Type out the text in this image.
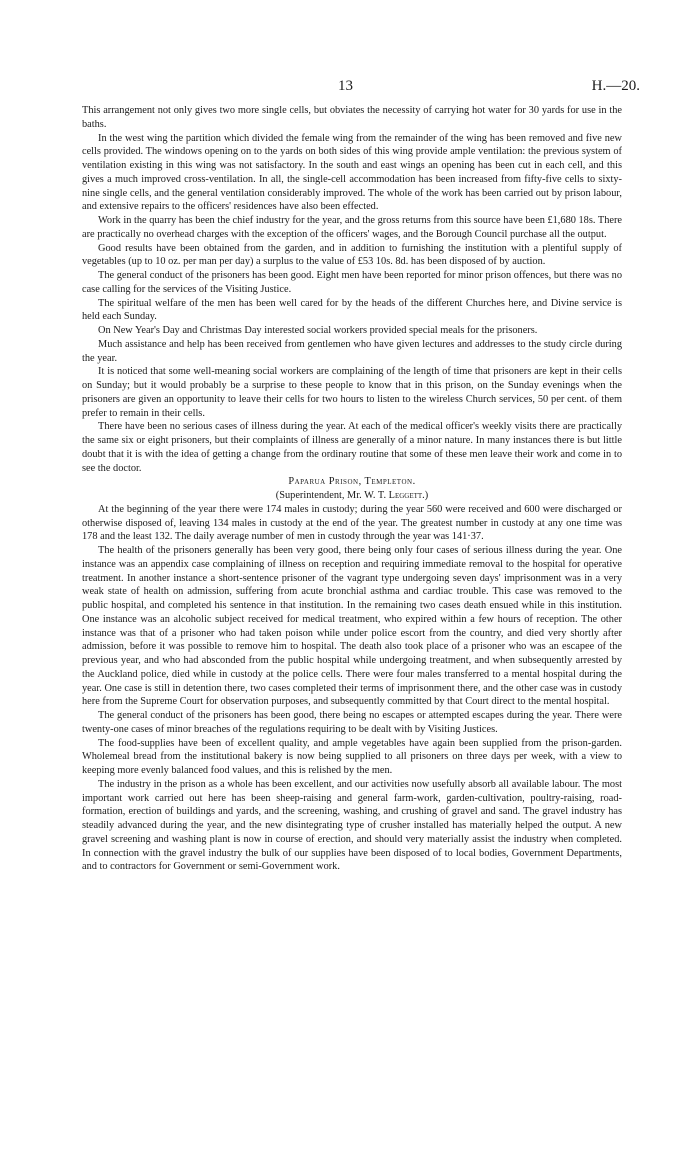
13	H.—20.

This arrangement not only gives two more single cells, but obviates the necessity of carrying hot water for 30 yards for use in the baths.

In the west wing the partition which divided the female wing from the remainder of the wing has been removed and five new cells provided. The windows opening on to the yards on both sides of this wing provide ample ventilation: the previous system of ventilation existing in this wing was not satisfactory. In the south and east wings an opening has been cut in each cell, and this gives a much improved cross-ventilation. In all, the single-cell accommodation has been increased from fifty-five cells to sixty-nine single cells, and the general ventilation considerably improved. The whole of the work has been carried out by prison labour, and extensive repairs to the officers' residences have also been effected.

Work in the quarry has been the chief industry for the year, and the gross returns from this source have been £1,680 18s. There are practically no overhead charges with the exception of the officers' wages, and the Borough Council purchase all the output.

Good results have been obtained from the garden, and in addition to furnishing the institution with a plentiful supply of vegetables (up to 10 oz. per man per day) a surplus to the value of £53 10s. 8d. has been disposed of by auction.

The general conduct of the prisoners has been good. Eight men have been reported for minor prison offences, but there was no case calling for the services of the Visiting Justice.

The spiritual welfare of the men has been well cared for by the heads of the different Churches here, and Divine service is held each Sunday.

On New Year's Day and Christmas Day interested social workers provided special meals for the prisoners.

Much assistance and help has been received from gentlemen who have given lectures and addresses to the study circle during the year.

It is noticed that some well-meaning social workers are complaining of the length of time that prisoners are kept in their cells on Sunday; but it would probably be a surprise to these people to know that in this prison, on the Sunday evenings when the prisoners are given an opportunity to leave their cells for two hours to listen to the wireless Church services, 50 per cent. of them prefer to remain in their cells.

There have been no serious cases of illness during the year. At each of the medical officer's weekly visits there are practically the same six or eight prisoners, but their complaints of illness are generally of a minor nature. In many instances there is but little doubt that it is with the idea of getting a change from the ordinary routine that some of these men leave their work and come in to see the doctor.

Paparua Prison, Templeton.

(Superintendent, Mr. W. T. Leggett.)

At the beginning of the year there were 174 males in custody; during the year 560 were received and 600 were discharged or otherwise disposed of, leaving 134 males in custody at the end of the year. The greatest number in custody at any one time was 178 and the least 132. The daily average number of men in custody through the year was 141·37.

The health of the prisoners generally has been very good, there being only four cases of serious illness during the year. One instance was an appendix case complaining of illness on reception and requiring immediate removal to the hospital for operative treatment. In another instance a short-sentence prisoner of the vagrant type undergoing seven days' imprisonment was in a very weak state of health on admission, suffering from acute bronchial asthma and cardiac trouble. This case was removed to the public hospital, and completed his sentence in that institution. In the remaining two cases death ensued while in this institution. One instance was an alcoholic subject received for medical treatment, who expired within a few hours of reception. The other instance was that of a prisoner who had taken poison while under police escort from the country, and died very shortly after admission, before it was possible to remove him to hospital. The death also took place of a prisoner who was an escapee of the previous year, and who had absconded from the public hospital while undergoing treatment, and when subsequently arrested by the Auckland police, died while in custody at the police cells. There were four males transferred to a mental hospital during the year. One case is still in detention there, two cases completed their terms of imprisonment there, and the other case was in custody here from the Supreme Court for observation purposes, and subsequently committed by that Court direct to the mental hospital.

The general conduct of the prisoners has been good, there being no escapes or attempted escapes during the year. There were twenty-one cases of minor breaches of the regulations requiring to be dealt with by Visiting Justices.

The food-supplies have been of excellent quality, and ample vegetables have again been supplied from the prison-garden. Wholemeal bread from the institutional bakery is now being supplied to all prisoners on three days per week, with a view to keeping more evenly balanced food values, and this is relished by the men.

The industry in the prison as a whole has been excellent, and our activities now usefully absorb all available labour. The most important work carried out here has been sheep-raising and general farm-work, garden-cultivation, poultry-raising, road-formation, erection of buildings and yards, and the screening, washing, and crushing of gravel and sand. The gravel industry has steadily advanced during the year, and the new disintegrating type of crusher installed has materially helped the output. A new gravel screening and washing plant is now in course of erection, and should very materially assist the industry when completed. In connection with the gravel industry the bulk of our supplies have been disposed of to local bodies, Government Departments, and to contractors for Government or semi-Government work.
